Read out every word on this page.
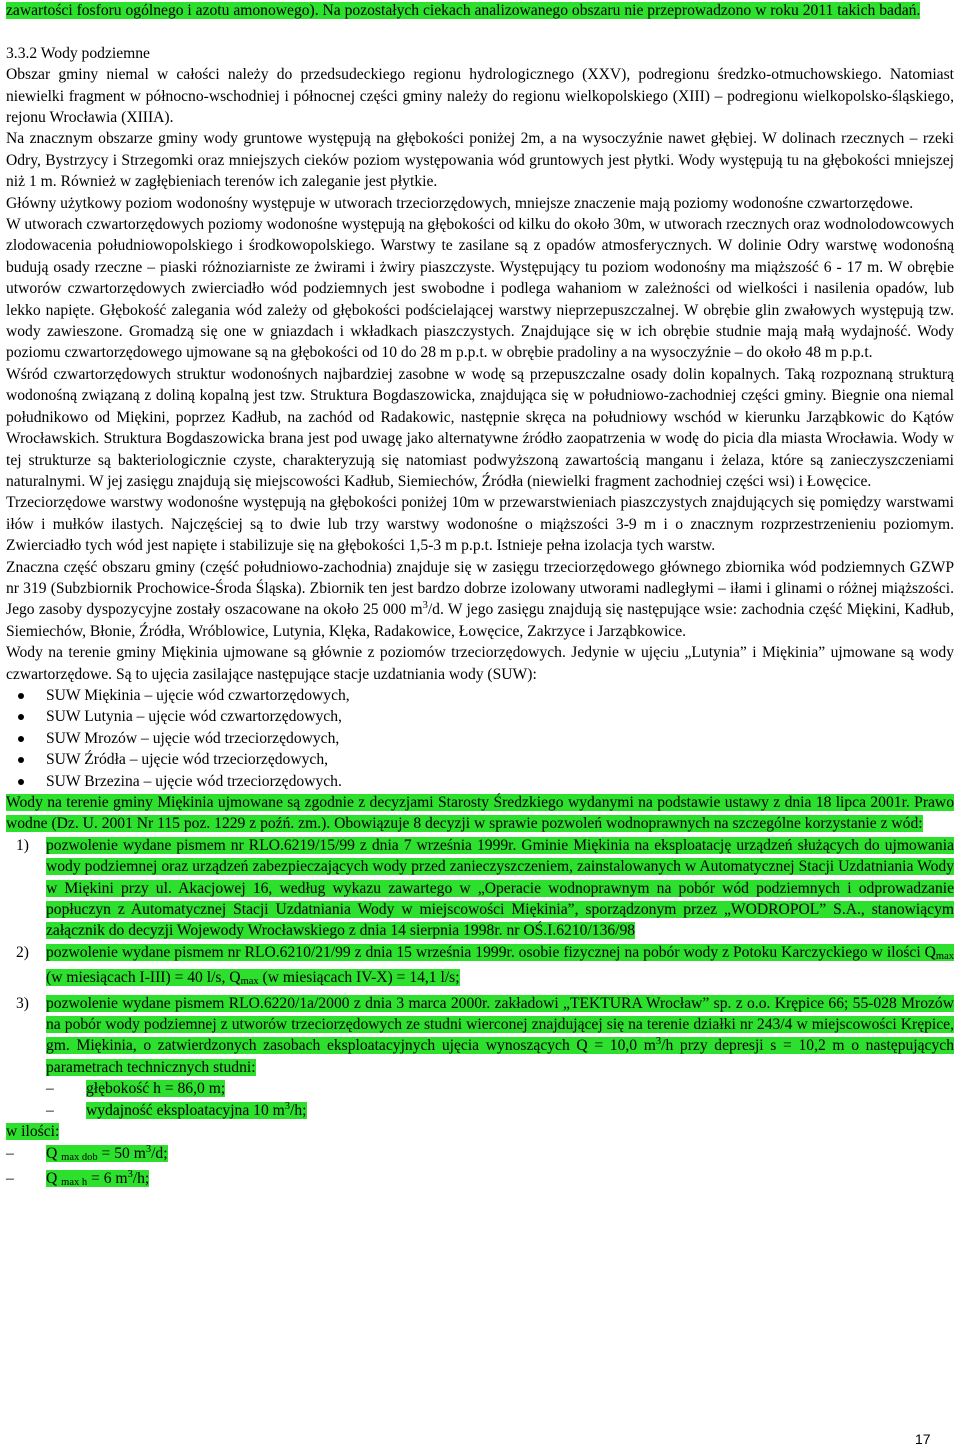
zawartości fosforu ogólnego i azotu amonowego). Na pozostałych ciekach analizowanego obszaru nie przeprowadzono w roku 2011 takich badań.

3.3.2 Wody podziemne

Obszar gminy niemal w całości należy do przedsudeckiego regionu hydrologicznego (XXV), podregionu średzko-otmuchowskiego. Natomiast niewielki fragment w północno-wschodniej i północnej części gminy należy do regionu wielkopolskiego (XIII) – podregionu wielkopolsko-śląskiego, rejonu Wrocławia (XIIIA).

Na znacznym obszarze gminy wody gruntowe występują na głębokości poniżej 2m, a na wysoczyźnie nawet głębiej. W dolinach rzecznych – rzeki Odry, Bystrzycy i Strzegomki oraz mniejszych cieków poziom występowania wód gruntowych jest płytki. Wody występują tu na głębokości mniejszej niż 1 m. Również w zagłębieniach terenów ich zaleganie jest płytkie.

Główny użytkowy poziom wodonośny występuje w utworach trzeciorzędowych, mniejsze znaczenie mają poziomy wodonośne czwartorzędowe.

W utworach czwartorzędowych poziomy wodonośne występują na głębokości od kilku do około 30m, w utworach rzecznych oraz wodnolodowcowych zlodowacenia południowopolskiego i środkowopolskiego. Warstwy te zasilane są z opadów atmosferycznych. W dolinie Odry warstwę wodonośną budują osady rzeczne – piaski różnoziarniste ze żwirami i żwiry piaszczyste. Występujący tu poziom wodonośny ma miąższość 6 - 17 m. W obrębie utworów czwartorzędowych zwierciadło wód podziemnych jest swobodne i podlega wahaniom w zależności od wielkości i nasilenia opadów, lub lekko napięte. Głębokość zalegania wód zależy od głębokości podścielającej warstwy nieprzepuszczalnej. W obrębie glin zwałowych występują tzw. wody zawieszone. Gromadzą się one w gniazdach i wkładkach piaszczystych. Znajdujące się w ich obrębie studnie mają małą wydajność. Wody poziomu czwartorzędowego ujmowane są na głębokości od 10 do 28 m p.p.t. w obrębie pradoliny a na wysoczyźnie – do około 48 m p.p.t.

Wśród czwartorzędowych struktur wodonośnych najbardziej zasobne w wodę są przepuszczalne osady dolin kopalnych. Taką rozpoznaną strukturą wodonośną związaną z doliną kopalną jest tzw. Struktura Bogdaszowicka, znajdująca się w południowo-zachodniej części gminy. Biegnie ona niemal południkowo od Miękini, poprzez Kadłub, na zachód od Radakowic, następnie skręca na południowy wschód w kierunku Jarząbkowic do Kątów Wrocławskich. Struktura Bogdaszowicka brana jest pod uwagę jako alternatywne źródło zaopatrzenia w wodę do picia dla miasta Wrocławia. Wody w tej strukturze są bakteriologicznie czyste, charakteryzują się natomiast podwyższoną zawartością manganu i żelaza, które są zanieczyszczeniami naturalnymi. W jej zasięgu znajdują się miejscowości Kadłub, Siemiechów, Źródła (niewielki fragment zachodniej części wsi) i Łowęcice.

Trzeciorzędowe warstwy wodonośne występują na głębokości poniżej 10m w przewarstwieniach piaszczystych znajdujących się pomiędzy warstwami iłów i mułków ilastych. Najczęściej są to dwie lub trzy warstwy wodonośne o miąższości 3-9 m i o znacznym rozprzestrzenieniu poziomym. Zwierciadło tych wód jest napięte i stabilizuje się na głębokości 1,5-3 m p.p.t. Istnieje pełna izolacja tych warstw.

Znaczna część obszaru gminy (część południowo-zachodnia) znajduje się w zasięgu trzeciorzędowego głównego zbiornika wód podziemnych GZWP nr 319 (Subzbiornik Prochowice-Środa Śląska). Zbiornik ten jest bardzo dobrze izolowany utworami nadległymi – iłami i glinami o różnej miąższości. Jego zasoby dyspozycyjne zostały oszacowane na około 25 000 $m^3/d$. W jego zasięgu znajdują się następujące wsie: zachodnia część Miękini, Kadłub, Siemiechów, Błonie, Źródła, Wróblowice, Lutynia, Klęka, Radakowice, Łowęcice, Zakrzyce i Jarząbkowice.

Wody na terenie gminy Miękinia ujmowane są głównie z poziomów trzeciorzędowych. Jedynie w ujęciu „Lutynia” i Miękinia” ujmowane są wody czwartorzędowe. Są to ujęcia zasilające następujące stacje uzdatniania wody (SUW):

SUW Miękinia – ujęcie wód czwartorzędowych,
SUW Lutynia – ujęcie wód czwartorzędowych,
SUW Mrozów – ujęcie wód trzeciorzędowych,
SUW Źródła – ujęcie wód trzeciorzędowych,
SUW Brzezina – ujęcie wód trzeciorzędowych.

Wody na terenie gminy Miękinia ujmowane są zgodnie z decyzjami Starosty Średzkiego wydanymi na podstawie ustawy z dnia 18 lipca 2001r. Prawo wodne (Dz. U. 2001 Nr 115 poz. 1229 z poźń. zm.). Obowiązuje 8 decyzji w sprawie pozwoleń wodnoprawnych na szczególne korzystanie z wód:

1) pozwolenie wydane pismem nr RLO.6219/15/99 z dnia 7 września 1999r. Gminie Miękinia na eksploatację urządzeń służących do ujmowania wody podziemnej oraz urządzeń zabezpieczających wody przed zanieczyszczeniem, zainstalowanych w Automatycznej Stacji Uzdatniania Wody w Miękini przy ul. Akacjowej 16, według wykazu zawartego w „Operacie wodnoprawnym na pobór wód podziemnych i odprowadzanie popłuczyn z Automatycznej Stacji Uzdatniania Wody w miejscowości Miękinia”, sporządzonym przez „WODROPOL” S.A., stanowiącym załącznik do decyzji Wojewody Wrocławskiego z dnia 14 sierpnia 1998r. nr OŚ.I.6210/136/98
2) pozwolenie wydane pismem nr RLO.6210/21/99 z dnia 15 września 1999r. osobie fizycznej na pobór wody z Potoku Karczyckiego w ilości Qmax (w miesiącach I-III) = 40 l/s, Qmax (w miesiącach IV-X) = 14,1 l/s;
3) pozwolenie wydane pismem RLO.6220/1a/2000 z dnia 3 marca 2000r. zakładowi „TEKTURA Wrocław” sp. z o.o. Krępice 66; 55-028 Mrozów na pobór wody podziemnej z utworów trzeciorzędowych ze studni wierconej znajdującej się na terenie działki nr 243/4 w miejscowości Krępice, gm. Miękinia, o zatwierdzonych zasobach eksploatacyjnych ujęcia wynoszących Q = 10,0 $m^3/h$ przy depresji s = 10,2 m o następujących parametrach technicznych studni:
– głębokość h = 86,0 m;
– wydajność eksploatacyjna 10 $m^3/h$;

w ilości:

– Q max dob = 50 $m^3/d$;
– Q max h = 6 $m^3/h$;
17
